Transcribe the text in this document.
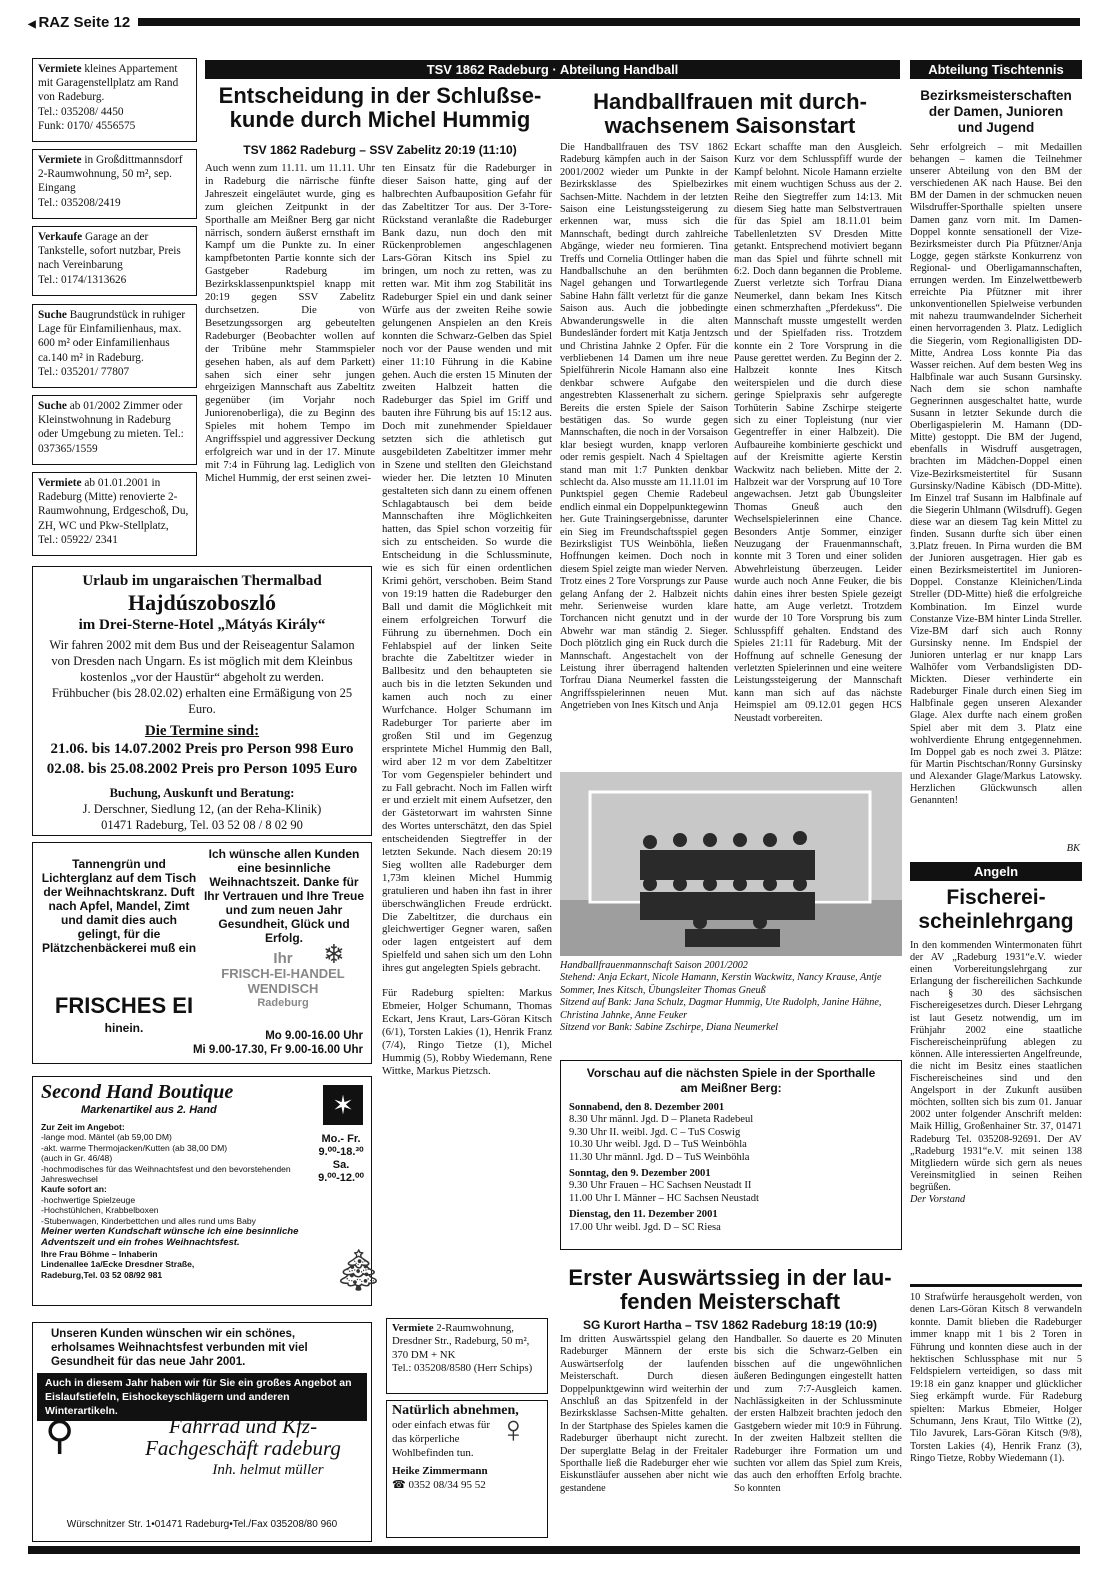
◀ RAZ Seite 12
Vermiete kleines Appartement mit Garagenstellplatz am Rand von Radeburg.
Tel.: 035208/ 4450
Funk: 0170/ 4556575
Vermiete in Großdittmannsdorf 2-Raumwohnung, 50 m², sep. Eingang
Tel.: 035208/2419
Verkaufe Garage an der Tankstelle, sofort nutzbar, Preis nach Vereinbarung
Tel.: 0174/1313626
Suche Baugrundstück in ruhiger Lage für Einfamilienhaus, max. 600 m² oder Einfamilienhaus ca.140 m² in Radeburg.
Tel.: 035201/ 77807
Suche ab 01/2002 Zimmer oder Kleinstwohnung in Radeburg oder Umgebung zu mieten. Tel.: 037365/1559
Vermiete ab 01.01.2001 in Radeburg (Mitte) renovierte 2-Raumwohnung, Erdgeschoß, Du, ZH, WC und Pkw-Stellplatz, Tel.: 05922/ 2341
TSV 1862 Radeburg · Abteilung Handball
Entscheidung in der Schlußse-
kunde durch Michel Hummig
TSV 1862 Radeburg – SSV Zabelitz 20:19 (11:10)

Auch wenn zum 11.11. um 11.11. Uhr in Radeburg die närrische fünfte Jahreszeit eingeläutet wurde, ging es zum gleichen Zeitpunkt in der Sporthalle am Meißner Berg gar nicht närrisch, sondern äußerst ernsthaft im Kampf um die Punkte zu. In einer kampfbetonten Partie konnte sich der Gastgeber Radeburg im Bezirksklassenpunktspiel knapp mit 20:19 gegen SSV Zabelitz durchsetzen. Die von Besetzungssorgen arg gebeutelten Radeburger (Beobachter wollen auf der Tribüne mehr Stammspieler gesehen haben, als auf dem Parkett) sahen sich einer sehr jungen ehrgeizigen Mannschaft aus Zabeltitz gegenüber (im Vorjahr noch Juniorenoberliga), die zu Beginn des Spieles mit hohem Tempo im Angriffsspiel und aggressiver Deckung erfolgreich war und in der 17. Minute mit 7:4 in Führung lag. Lediglich von Michel Hummig, der erst seinen zwei-

ten Einsatz für die Radeburger in dieser Saison hatte, ging auf der halbrechten Aufbauposition Gefahr für das Zabeltitzer Tor aus. Der 3-Tore-Rückstand veranlaßte die Radeburger Bank dazu, nun doch den mit Rückenproblemen angeschlagenen Lars-Göran Kitsch ins Spiel zu bringen, um noch zu retten, was zu retten war. Mit ihm zog Stabilität ins Radeburger Spiel ein und dank seiner Würfe aus der zweiten Reihe sowie gelungenen Anspielen an den Kreis konnten die Schwarz-Gelben das Spiel noch vor der Pause wenden und mit einer 11:10 Führung in die Kabine gehen. Auch die ersten 15 Minuten der zweiten Halbzeit hatten die Radeburger das Spiel im Griff und bauten ihre Führung bis auf 15:12 aus. Doch mit zunehmender Spieldauer setzten sich die athletisch gut ausgebildeten Zabeltitzer immer mehr in Szene und stellten den Gleichstand wieder her. Die letzten 10 Minuten gestalteten sich dann zu einem offenen Schlagabtausch bei dem beide Mannschaften ihre Möglichkeiten hatten, das Spiel schon vorzeitig für sich zu entscheiden. So wurde die Entscheidung in die Schlussminute, wie es sich für einen ordentlichen Krimi gehört, verschoben. Beim Stand von 19:19 hatten die Radeburger den Ball und damit die Möglichkeit mit einem erfolgreichen Torwurf die Führung zu übernehmen. Doch ein Fehlabspiel auf der linken Seite brachte die Zabeltitzer wieder in Ballbesitz und den behaupteten sie auch bis in die letzten Sekunden und kamen auch noch zu einer Wurfchance. Holger Schumann im Radeburger Tor parierte aber im großen Stil und im Gegenzug ersprintete Michel Hummig den Ball, wird aber 12 m vor dem Zabeltitzer Tor vom Gegenspieler behindert und zu Fall gebracht. Noch im Fallen wirft er und erzielt mit einem Aufsetzer, den der Gästetorwart im wahrsten Sinne des Wortes unterschätzt, den das Spiel entscheidenden Siegtreffer in der letzten Sekunde. Nach diesem 20:19 Sieg wollten alle Radeburger dem 1,73m kleinen Michel Hummig gratulieren und haben ihn fast in ihrer überschwänglichen Freude erdrückt. Die Zabeltitzer, die durchaus ein gleichwertiger Gegner waren, saßen oder lagen entgeistert auf dem Spielfeld und sahen sich um den Lohn ihres gut angelegten Spiels gebracht.

Für Radeburg spielten: Markus Ebmeier, Holger Schumann, Thomas Eckart, Jens Kraut, Lars-Göran Kitsch (6/1), Torsten Lakies (1), Henrik Franz (7/4), Ringo Tietze (1), Michel Hummig (5), Robby Wiedemann, Rene Wittke, Markus Pietzsch.

Handballfrauen mit durch-
wachsenem Saisonstart

Die Handballfrauen des TSV 1862 Radeburg kämpfen auch in der Saison 2001/2002 wieder um Punkte in der Bezirksklasse des Spielbezirkes Sachsen-Mitte. Nachdem in der letzten Saison eine Leistungssteigerung zu erkennen war, muss sich die Mannschaft, bedingt durch zahlreiche Abgänge, wieder neu formieren. Tina Treffs und Cornelia Ottlinger haben die Handballschuhe an den berühmten Nagel gehangen und Torwartlegende Sabine Hahn fällt verletzt für die ganze Saison aus. Auch die jobbedingte Abwanderungswelle in die alten Bundesländer fordert mit Katja Jentzsch und Christina Jahnke 2 Opfer. Für die verbliebenen 14 Damen um ihre neue Spielführerin Nicole Hamann also eine denkbar schwere Aufgabe den angestrebten Klassenerhalt zu sichern. Bereits die ersten Spiele der Saison bestätigen das. So wurde gegen Mannschaften, die noch in der Vorsaison klar besiegt wurden, knapp verloren oder remis gespielt. Nach 4 Spieltagen stand man mit 1:7 Punkten denkbar schlecht da. Also musste am 11.11.01 im Punktspiel gegen Chemie Radebeul endlich einmal ein Doppelpunktegewinn her. Gute Trainingsergebnisse, darunter ein Sieg im Freundschaftsspiel gegen Bezirksligist TUS Weinböhla, ließen Hoffnungen keimen. Doch noch in diesem Spiel zeigte man wieder Nerven. Trotz eines 2 Tore Vorsprungs zur Pause gelang Anfang der 2. Halbzeit nichts mehr. Serienweise wurden klare Torchancen nicht genutzt und in der Abwehr war man ständig 2. Sieger. Doch plötzlich ging ein Ruck durch die Mannschaft. Angestachelt von der Leistung ihrer überragend haltenden Torfrau Diana Neumerkel fassten die Angriffsspielerinnen neuen Mut. Angetrieben von Ines Kitsch und Anja

Eckart schaffte man den Ausgleich. Kurz vor dem Schlusspfiff wurde der Kampf belohnt. Nicole Hamann erzielte mit einem wuchtigen Schuss aus der 2. Reihe den Siegtreffer zum 14:13. Mit diesem Sieg hatte man Selbstvertrauen für das Spiel am 18.11.01 beim Tabellenletzten SV Dresden Mitte getankt. Entsprechend motiviert begann man das Spiel und führte schnell mit 6:2. Doch dann begannen die Probleme. Zuerst verletzte sich Torfrau Diana Neumerkel, dann bekam Ines Kitsch einen schmerzhaften „Pferdekuss“. Die Mannschaft musste umgestellt werden und der Spielfaden riss. Trotzdem konnte ein 2 Tore Vorsprung in die Pause gerettet werden. Zu Beginn der 2. Halbzeit konnte Ines Kitsch weiterspielen und die durch diese geringe Spielpraxis sehr aufgeregte Torhüterin Sabine Zschirpe steigerte sich zu einer Topleistung (nur vier Gegentreffer in einer Halbzeit). Die Aufbaureihe kombinierte geschickt und auf der Kreismitte agierte Kerstin Wackwitz nach belieben. Mitte der 2. Halbzeit war der Vorsprung auf 10 Tore angewachsen. Jetzt gab Übungsleiter Thomas Gneuß auch den Wechselspielerinnen eine Chance. Besonders Antje Sommer, einziger Neuzugang der Frauenmannschaft, konnte mit 3 Toren und einer soliden Abwehrleistung überzeugen. Leider wurde auch noch Anne Feuker, die bis dahin eines ihrer besten Spiele gezeigt hatte, am Auge verletzt. Trotzdem wurde der 10 Tore Vorsprung bis zum Schlusspfiff gehalten. Endstand des Spieles 21:11 für Radeburg. Mit der Hoffnung auf schnelle Genesung der verletzten Spielerinnen und eine weitere Leistungssteigerung der Mannschaft kann man sich auf das nächste Heimspiel am 09.12.01 gegen HCS Neustadt vorbereiten.

Handballfrauenmannschaft Saison 2001/2002
Stehend: Anja Eckart, Nicole Hamann, Kerstin Wackwitz, Nancy Krause, Antje Sommer, Ines Kitsch, Übungsleiter Thomas Gneuß
Sitzend auf Bank: Jana Schulz, Dagmar Hummig, Ute Rudolph, Janine Hähne, Christina Jahnke, Anne Feuker
Sitzend vor Bank: Sabine Zschirpe, Diana Neumerkel
Vorschau auf die nächsten Spiele in der Sporthalle
am Meißner Berg:
Sonnabend, den 8. Dezember 2001
8.30 Uhr männl. Jgd. D – Planeta Radebeul
9.30 Uhr II. weibl. Jgd. C – TuS Coswig
10.30 Uhr weibl. Jgd. D – TuS Weinböhla
11.30 Uhr männl. Jgd. D – TuS Weinböhla
Sonntag, den 9. Dezember 2001
9.30 Uhr Frauen – HC Sachsen Neustadt II
11.00 Uhr I. Männer – HC Sachsen Neustadt
Dienstag, den 11. Dezember 2001
17.00 Uhr weibl. Jgd. D – SC Riesa
Erster Auswärtssieg in der lau-
fenden Meisterschaft
SG Kurort Hartha – TSV 1862 Radeburg 18:19 (10:9)

Im dritten Auswärtsspiel gelang den Radeburger Männern der erste Auswärtserfolg der laufenden Meisterschaft. Durch diesen Doppelpunktgewinn wird weiterhin der Anschluß an das Spitzenfeld in der Bezirksklasse Sachsen-Mitte gehalten. In der Startphase des Spieles kamen die Radeburger überhaupt nicht zurecht. Der superglatte Belag in der Freitaler Sporthalle ließ die Radeburger eher wie Eiskunstläufer aussehen aber nicht wie gestandene

Handballer. So dauerte es 20 Minuten bis sich die Schwarz-Gelben ein bisschen auf die ungewöhnlichen äußeren Bedingungen eingestellt hatten und zum 7:7-Ausgleich kamen. Nachlässigkeiten in der Schlussminute der ersten Halbzeit brachten jedoch den Gastgebern wieder mit 10:9 in Führung. In der zweiten Halbzeit stellten die Radeburger ihre Formation um und suchten vor allem das Spiel zum Kreis, das auch den erhofften Erfolg brachte. So konnten

10 Strafwürfe herausgeholt werden, von denen Lars-Göran Kitsch 8 verwandeln konnte. Damit blieben die Radeburger immer knapp mit 1 bis 2 Toren in Führung und konnten diese auch in der hektischen Schlussphase mit nur 5 Feldspielern verteidigen, so dass mit 19:18 ein ganz knapper und glücklicher Sieg erkämpft wurde. Für Radeburg spielten: Markus Ebmeier, Holger Schumann, Jens Kraut, Tilo Wittke (2), Tilo Javurek, Lars-Göran Kitsch (9/8), Torsten Lakies (4), Henrik Franz (3), Ringo Tietze, Robby Wiedemann (1).

Abteilung Tischtennis
Bezirksmeisterschaften
der Damen, Junioren
und Jugend

Sehr erfolgreich – mit Medaillen behangen – kamen die Teilnehmer unserer Abteilung von den BM der verschiedenen AK nach Hause. Bei den BM der Damen in der schmucken neuen Wilsdruffer-Sporthalle spielten unsere Damen ganz vorn mit. Im Damen-Doppel konnte sensationell der Vize-Bezirksmeister durch Pia Pfützner/Anja Logge, gegen stärkste Konkurrenz von Regional- und Oberligamannschaften, errungen werden. Im Einzelwettbewerb erreichte Pia Pfützner mit ihrer unkonventionellen Spielweise verbunden mit nahezu traumwandelnder Sicherheit einen hervorragenden 3. Platz. Lediglich die Siegerin, vom Regionalligisten DD-Mitte, Andrea Loss konnte Pia das Wasser reichen. Auf dem besten Weg ins Halbfinale war auch Susann Gursinsky. Nach dem sie schon namhafte Gegnerinnen ausgeschaltet hatte, wurde Susann in letzter Sekunde durch die Oberligaspielerin M. Hamann (DD-Mitte) gestoppt. Die BM der Jugend, ebenfalls in Wisdruff ausgetragen, brachten im Mädchen-Doppel einen Vize-Bezirksmeistertitel für Susann Gursinsky/Nadine Käbisch (DD-Mitte). Im Einzel traf Susann im Halbfinale auf die Siegerin Uhlmann (Wilsdruff). Gegen diese war an diesem Tag kein Mittel zu finden. Susann durfte sich über einen 3.Platz freuen. In Pirna wurden die BM der Junioren ausgetragen. Hier gab es einen Bezirksmeistertitel im Junioren-Doppel. Constanze Kleinichen/Linda Streller (DD-Mitte) hieß die erfolgreiche Kombination. Im Einzel wurde Constanze Vize-BM hinter Linda Streller. Vize-BM darf sich auch Ronny Gursinsky nenne. Im Endspiel der Junioren unterlag er nur knapp Lars Walhöfer vom Verbandsligisten DD-Mickten. Dieser verhinderte ein Radeburger Finale durch einen Sieg im Halbfinale gegen unseren Alexander Glage. Alex durfte nach einem großen Spiel aber mit dem 3. Platz eine wohlverdiente Ehrung entgegennehmen. Im Doppel gab es noch zwei 3. Plätze: für Martin Pischtschan/Ronny Gursinsky und Alexander Glage/Markus Latowsky. Herzlichen Glückwunsch allen Genannten!

BK
Angeln
Fischerei-
scheinlehrgang

In den kommenden Wintermonaten führt der AV „Radeburg 1931“e.V. wieder einen Vorbereitungslehrgang zur Erlangung der fischereilichen Sachkunde nach § 30 des sächsischen Fischereigesetzes durch. Dieser Lehrgang ist laut Gesetz notwendig, um im Frühjahr 2002 eine staatliche Fischereischeinprüfung ablegen zu können. Alle interessierten Angelfreunde, die nicht im Besitz eines staatlichen Fischereischeines sind und den Angelsport in der Zukunft ausüben möchten, sollten sich bis zum 01. Januar 2002 unter folgender Anschrift melden: Maik Hillig, Großenhainer Str. 37, 01471 Radeburg Tel. 035208-92691. Der AV „Radeburg 1931“e.V. mit seinen 138 Mitgliedern würde sich gern als neues Vereinsmitglied in seinen Reihen begrüßen.

Der Vorstand

Urlaub im ungaraischen Thermalbad
Hajdúszoboszló
im Drei-Sterne-Hotel „Mátyás Király“
Wir fahren 2002 mit dem Bus und der Reiseagentur Salamon von Dresden nach Ungarn. Es ist möglich mit dem Kleinbus kostenlos „vor der Haustür“ abgeholt zu werden.
Frühbucher (bis 28.02.02) erhalten eine Ermäßigung von 25 Euro.
Die Termine sind:
21.06. bis 14.07.2002 Preis pro Person 998 Euro
02.08. bis 25.08.2002 Preis pro Person 1095 Euro
Buchung, Auskunft und Beratung:
J. Derschner, Siedlung 12, (an der Reha-Klinik)
01471 Radeburg, Tel. 03 52 08 / 8 02 90
Tannengrün und Lichterglanz auf dem Tisch der Weihnachtskranz. Duft nach Apfel, Mandel, Zimt und damit dies auch gelingt, für die Plätzchenbäckerei muß ein
FRISCHES EI
hinein.
Ich wünsche allen Kunden eine besinnliche Weihnachtszeit. Danke für Ihr Vertrauen und Ihre Treue und zum neuen Jahr Gesundheit, Glück und Erfolg.
❄
Ihr
FRISCH-EI-HANDEL
WENDISCH
Radeburg
Mo 9.00-16.00 Uhr
Mi 9.00-17.30, Fr 9.00-16.00 Uhr
Second Hand Boutique
Markenartikel aus 2. Hand	✶
Mo.- Fr.
9.⁰⁰-18.³⁰
Sa.
9.⁰⁰-12.⁰⁰
Zur Zeit im Angebot:
-lange mod. Mäntel (ab 59,00 DM)
-akt. warme Thermojacken/Kutten (ab 38,00 DM)
(auch in Gr. 46/48)
-hochmodisches für das Weihnachtsfest und den bevorstehenden Jahreswechsel
Kaufe sofort an:
-hochwertige Spielzeuge
-Hochstühlchen, Krabbelboxen
-Stubenwagen, Kinderbettchen und alles rund ums Baby
Meiner werten Kundschaft wünsche ich eine besinnliche Adventszeit und ein frohes Weihnachtsfest.
Ihre Frau Böhme – Inhaberin
Lindenallee 1a/Ecke Dresdner Straße,
Radeburg,Tel. 03 52 08/92 981	🎄︎
Unseren Kunden wünschen wir ein schönes, erholsames Weihnachtsfest verbunden mit viel Gesundheit für das neue Jahr 2001.
Auch in diesem Jahr haben wir für Sie ein großes Angebot an Eislaufstiefeln, Eishockeyschlägern und anderen Winterartikeln.
⚲	Fahrrad und Kfz-
Fachgeschäft radeburg
Inh. helmut müller
Würschnitzer Str. 1•01471 Radeburg•Tel./Fax 035208/80 960
Vermiete 2-Raumwohnung, Dresdner Str., Radeburg, 50 m², 370 DM + NK
Tel.: 035208/8580 (Herr Schips)
Natürlich abnehmen,
oder einfach etwas für das körperliche Wohlbefinden tun.
Heike Zimmermann
☎ 0352 08/34 95 52
♀
